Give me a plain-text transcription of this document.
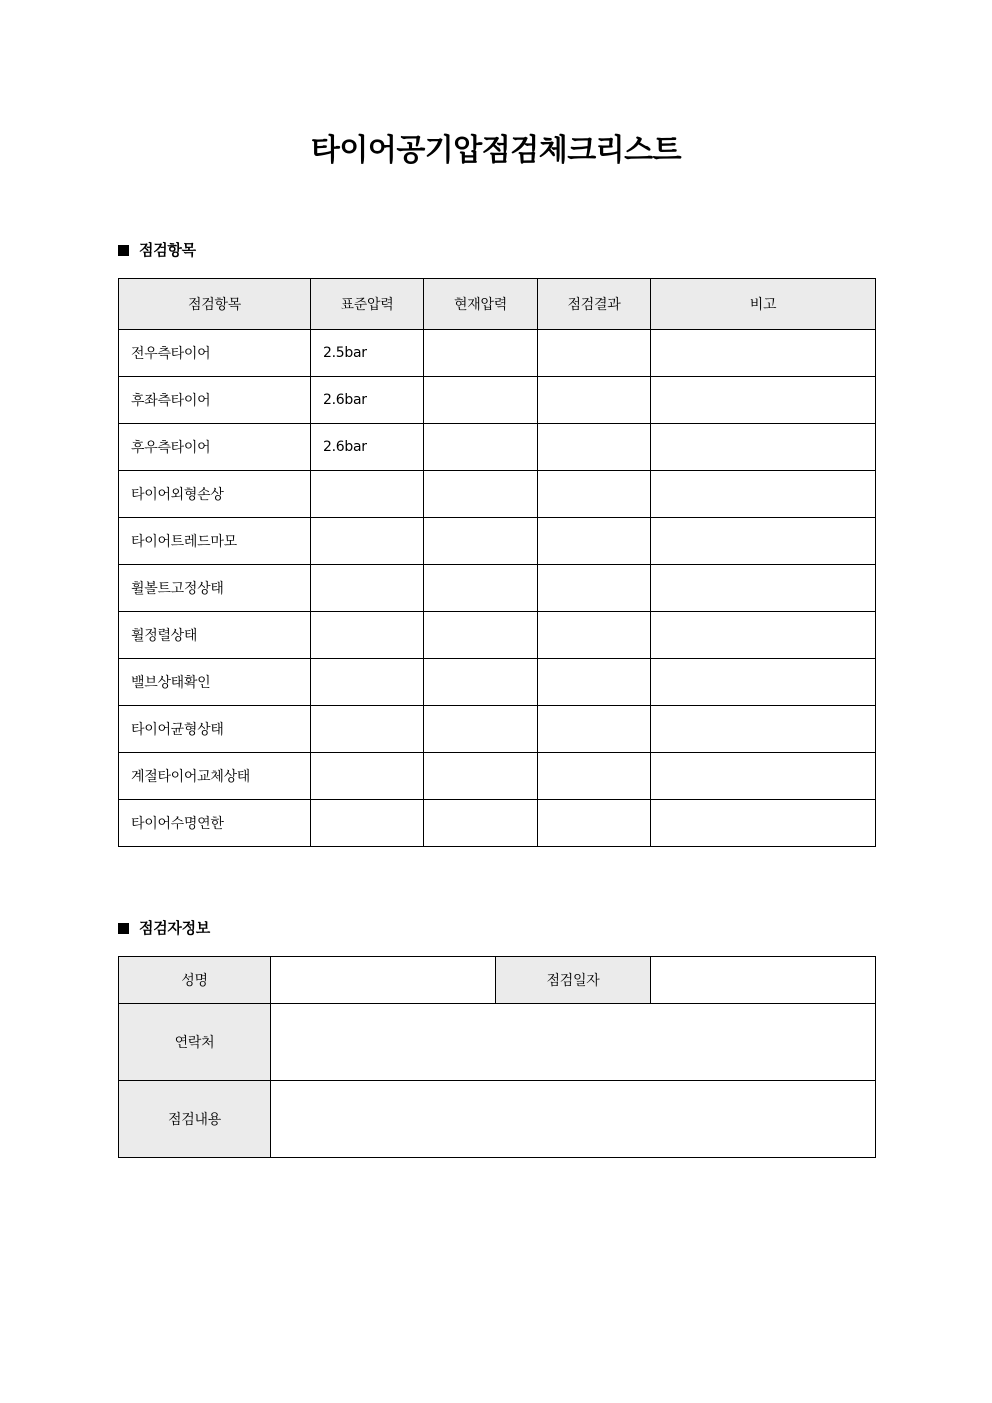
타이어공기압점검체크리스트
점검항목
점검항목	표준압력	현재압력	점검결과	비고
전우측타이어	2.5bar			
후좌측타이어	2.6bar			
후우측타이어	2.6bar			
타이어외형손상				
타이어트레드마모				
휠볼트고정상태				
휠정렬상태				
밸브상태확인				
타이어균형상태				
계절타이어교체상태				
타이어수명연한				
점검자정보
성명		점검일자	
연락처			
점검내용			
